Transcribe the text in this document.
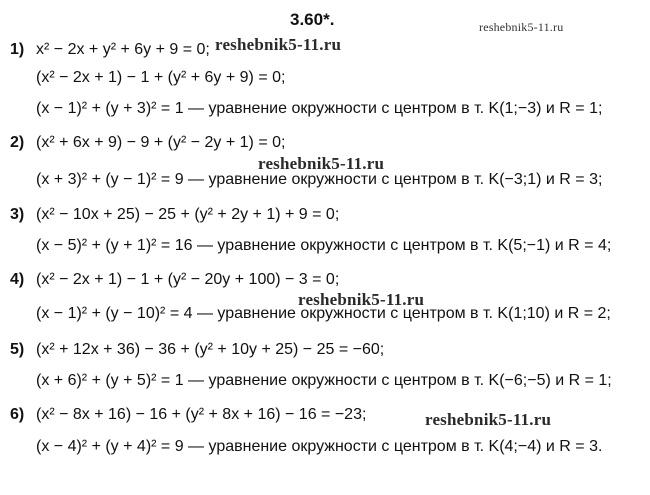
3.60*.	reshebnik5-11.ru
reshebnik5-11.ru
reshebnik5-11.ru
reshebnik5-11.ru
reshebnik5-11.ru
1) x² − 2x + y² + 6y + 9 = 0;
(x² − 2x + 1) − 1 + (y² + 6y + 9) = 0;
(x − 1)² + (y + 3)² = 1 — уравнение окружности с центром в т. K(1;−3) и R = 1;
2) (x² + 6x + 9) − 9 + (y² − 2y + 1) = 0;
(x + 3)² + (y − 1)² = 9 — уравнение окружности с центром в т. K(−3;1) и R = 3;
3) (x² − 10x + 25) − 25 + (y² + 2y + 1) + 9 = 0;
(x − 5)² + (y + 1)² = 16 — уравнение окружности с центром в т. K(5;−1) и R = 4;
4) (x² − 2x + 1) − 1 + (y² − 20y + 100) − 3 = 0;
(x − 1)² + (y − 10)² = 4 — уравнение окружности с центром в т. K(1;10) и R = 2;
5) (x² + 12x + 36) − 36 + (y² + 10y + 25) − 25 = −60;
(x + 6)² + (y + 5)² = 1 — уравнение окружности с центром в т. K(−6;−5) и R = 1;
6) (x² − 8x + 16) − 16 + (y² + 8x + 16) − 16 = −23;
(x − 4)² + (y + 4)² = 9 — уравнение окружности с центром в т. K(4;−4) и R = 3.
